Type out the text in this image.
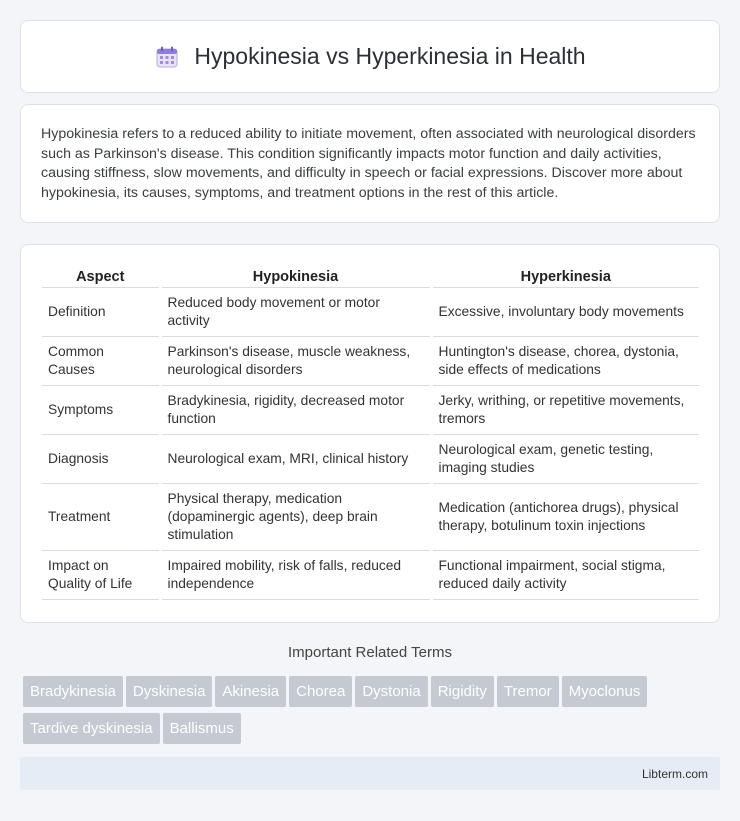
Hypokinesia vs Hyperkinesia in Health

Hypokinesia refers to a reduced ability to initiate movement, often associated with neurological disorders such as Parkinson's disease. This condition significantly impacts motor function and daily activities, causing stiffness, slow movements, and difficulty in speech or facial expressions. Discover more about hypokinesia, its causes, symptoms, and treatment options in the rest of this article.

Aspect	Hypokinesia	Hyperkinesia
Definition	Reduced body movement or motor activity	Excessive, involuntary body movements
Common Causes	Parkinson's disease, muscle weakness, neurological disorders	Huntington's disease, chorea, dystonia, side effects of medications
Symptoms	Bradykinesia, rigidity, decreased motor function	Jerky, writhing, or repetitive movements, tremors
Diagnosis	Neurological exam, MRI, clinical history	Neurological exam, genetic testing, imaging studies
Treatment	Physical therapy, medication (dopaminergic agents), deep brain stimulation	Medication (antichorea drugs), physical therapy, botulinum toxin injections
Impact on Quality of Life	Impaired mobility, risk of falls, reduced independence	Functional impairment, social stigma, reduced daily activity
Important Related Terms
Bradykinesia Dyskinesia Akinesia Chorea Dystonia Rigidity Tremor MyoclonusTardive dyskinesia Ballismus
Libterm.com
